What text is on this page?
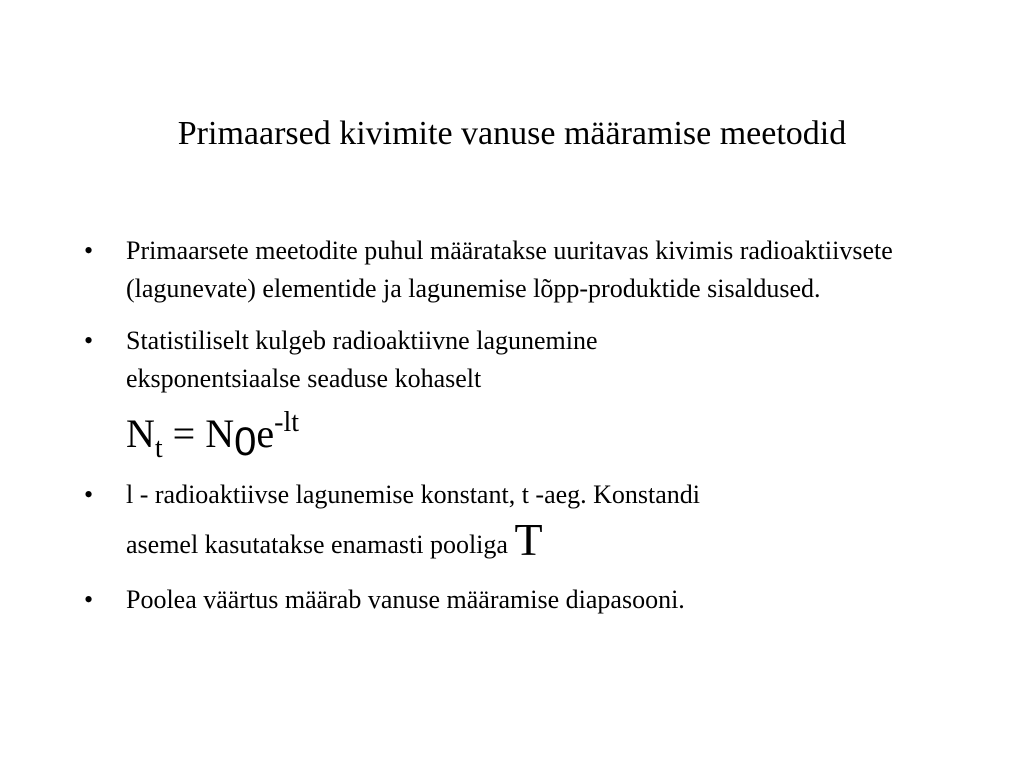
Primaarsed kivimite vanuse määramise meetodid
• Primaarsete meetodite puhul määratakse uuritavas kivimis radioaktiivsete (lagunevate) elementide ja lagunemise lõpp-produktide sisaldused.
• Statistiliselt kulgeb radioaktiivne lagunemine
eksponentsiaalse seaduse kohaselt
$N_t = N0e^{-lt}$
• l - radioaktiivse lagunemise konstant, t -aeg. Konstandi
asemel kasutatakse enamasti pooliga T
• Poolea väärtus määrab vanuse määramise diapasooni.
